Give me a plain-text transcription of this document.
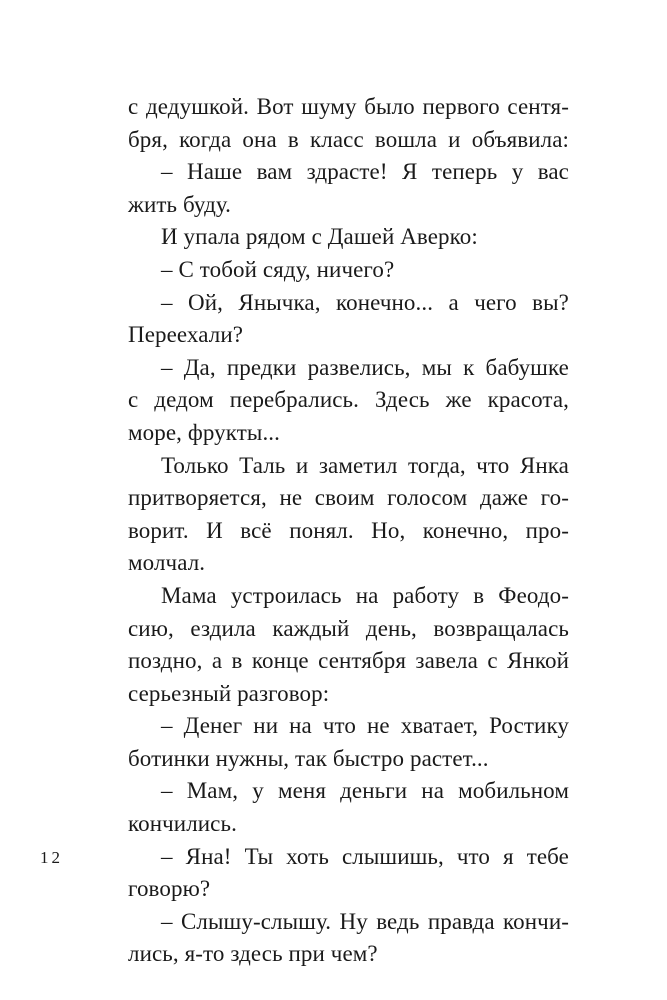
с дедушкой. Вот шуму было первого сентя-
бря, когда она в класс вошла и объявила:
– Наше вам здрасте! Я теперь у вас
жить буду.
И упала рядом с Дашей Аверко:
– С тобой сяду, ничего?
– Ой, Янычка, конечно... а чего вы?
Переехали?
– Да, предки развелись, мы к бабушке
с дедом перебрались. Здесь же красота,
море, фрукты...
Только Таль и заметил тогда, что Янка
притворяется, не своим голосом даже го-
ворит. И всё понял. Но, конечно, про-
молчал.
Мама устроилась на работу в Феодо-
сию, ездила каждый день, возвращалась
поздно, а в конце сентября завела с Янкой
серьезный разговор:
– Денег ни на что не хватает, Ростику
ботинки нужны, так быстро растет...
– Мам, у меня деньги на мобильном
кончились.
– Яна! Ты хоть слышишь, что я тебе
говорю?
– Слышу-слышу. Ну ведь правда кончи-
лись, я-то здесь при чем?
12
